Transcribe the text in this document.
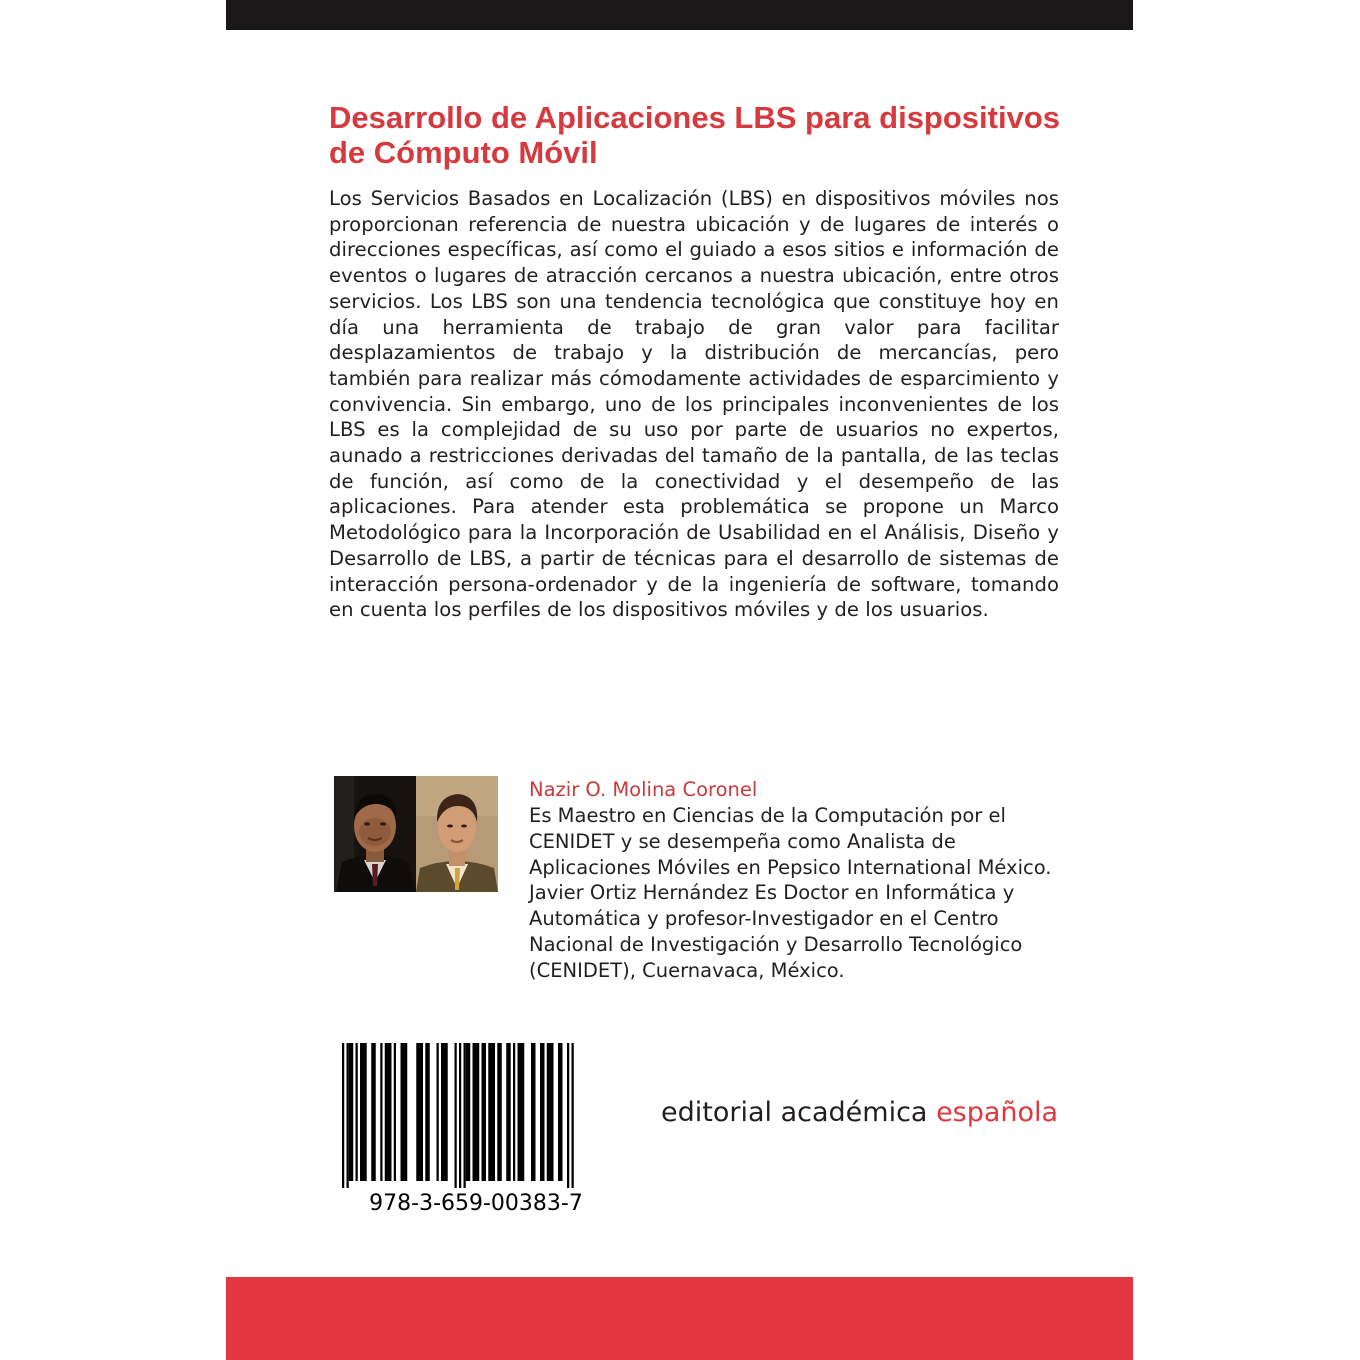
Desarrollo de Aplicaciones LBS para dispositivos de Cómputo Móvil

Los Servicios Basados en Localización (LBS) en dispositivos móviles nos proporcionan referencia de nuestra ubicación y de lugares de interés o direcciones específicas, así como el guiado a esos sitios e información de eventos o lugares de atracción cercanos a nuestra ubicación, entre otros servicios. Los LBS son una tendencia tecnológica que constituye hoy en día una herramienta de trabajo de gran valor para facilitar desplazamientos de trabajo y la distribución de mercancías, pero también para realizar más cómodamente actividades de esparcimiento y convivencia. Sin embargo, uno de los principales inconvenientes de los LBS es la complejidad de su uso por parte de usuarios no expertos, aunado a restricciones derivadas del tamaño de la pantalla, de las teclas de función, así como de la conectividad y el desempeño de las aplicaciones. Para atender esta problemática se propone un Marco Metodológico para la Incorporación de Usabilidad en el Análisis, Diseño y Desarrollo de LBS, a partir de técnicas para el desarrollo de sistemas de interacción persona-ordenador y de la ingeniería de software, tomando en cuenta los perfiles de los dispositivos móviles y de los usuarios.

Nazir O. Molina Coronel

Es Maestro en Ciencias de la Computación por el CENIDET y se desempeña como Analista de Aplicaciones Móviles en Pepsico International México. Javier Ortiz Hernández Es Doctor en Informática y Automática y profesor-Investigador en el Centro Nacional de Investigación y Desarrollo Tecnológico (CENIDET), Cuernavaca, México.

978-3-659-00383-7

editorial académica española
